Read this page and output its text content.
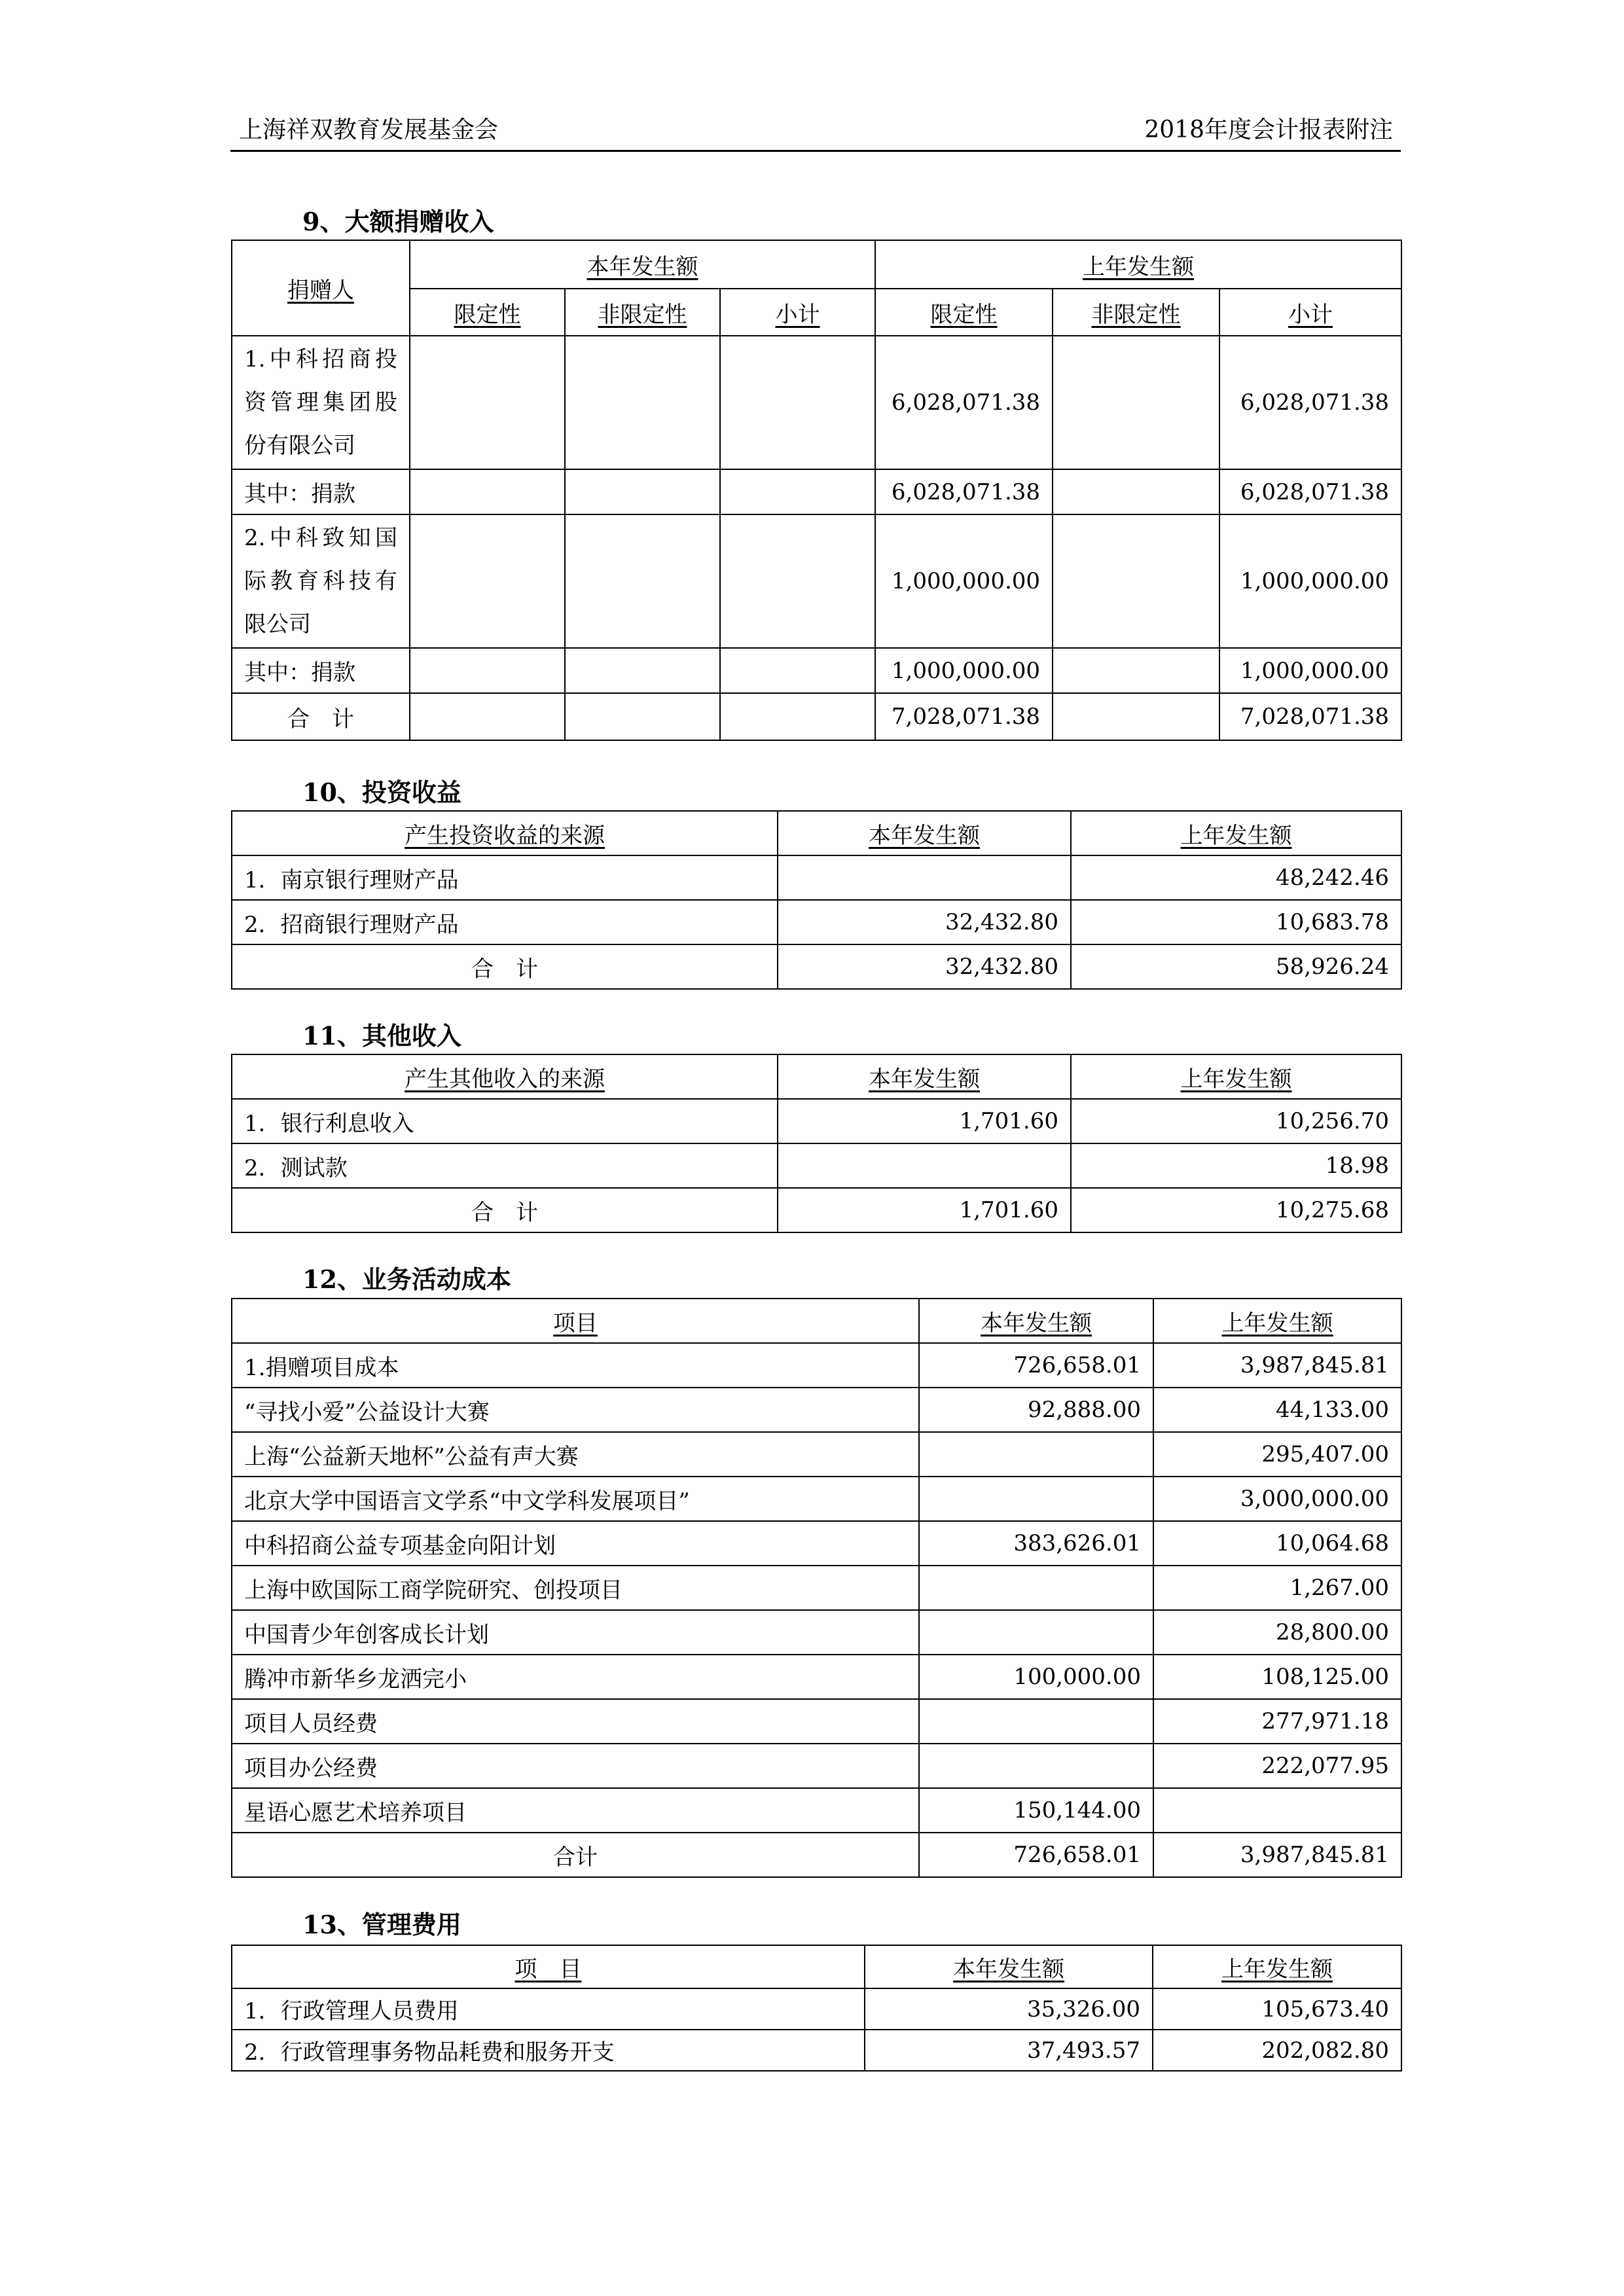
上海祥双教育发展基金会	2018年度会计报表附注
9、大额捐赠收入
捐赠人	本年发生额			上年发生额		
	限定性	非限定性	小计	限定性	非限定性	小计
1.中科招商投资管理集团股份有限公司				6,028,071.38		6,028,071.38
其中：捐款				6,028,071.38		6,028,071.38
2.中科致知国际教育科技有限公司				1,000,000.00		1,000,000.00
其中：捐款				1,000,000.00		1,000,000.00
合　计				7,028,071.38		7,028,071.38
10、投资收益
产生投资收益的来源	本年发生额	上年发生额
1．南京银行理财产品		48,242.46
2．招商银行理财产品	32,432.80	10,683.78
合　计	32,432.80	58,926.24
11、其他收入
产生其他收入的来源	本年发生额	上年发生额
1．银行利息收入	1,701.60	10,256.70
2．测试款		18.98
合　计	1,701.60	10,275.68
12、业务活动成本
项目	本年发生额	上年发生额
1.捐赠项目成本	726,658.01	3,987,845.81
“寻找小爱”公益设计大赛	92,888.00	44,133.00
上海“公益新天地杯”公益有声大赛		295,407.00
北京大学中国语言文学系“中文学科发展项目”		3,000,000.00
中科招商公益专项基金向阳计划	383,626.01	10,064.68
上海中欧国际工商学院研究、创投项目		1,267.00
中国青少年创客成长计划		28,800.00
腾冲市新华乡龙洒完小	100,000.00	108,125.00
项目人员经费		277,971.18
项目办公经费		222,077.95
星语心愿艺术培养项目	150,144.00	
合计	726,658.01	3,987,845.81
13、管理费用
项　目	本年发生额	上年发生额
1．行政管理人员费用	35,326.00	105,673.40
2．行政管理事务物品耗费和服务开支	37,493.57	202,082.80
